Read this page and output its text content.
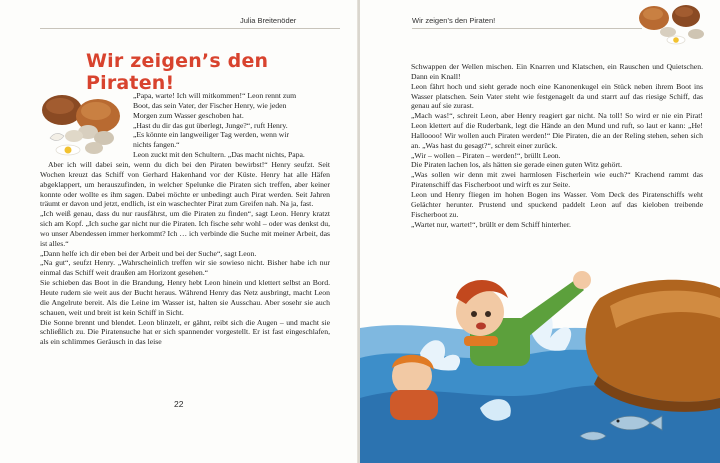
Julia Breitenöder
Wir zeigen’s den Piraten!

„Papa, warte! Ich will mitkommen!“ Leon rennt zum

Boot, das sein Vater, der Fischer Henry, wie jeden

Morgen zum Wasser geschoben hat.

„Hast du dir das gut überlegt, Junge?“, ruft Henry.

„Es könnte ein langweiliger Tag werden, wenn wir

nichts fangen.“

Leon zuckt mit den Schultern. „Das macht nichts, Papa.

Aber ich will dabei sein, wenn du dich bei den Piraten bewirbst!“ Henry seufzt. Seit Wochen kreuzt das Schiff von Gerhard Hakenhand vor der Küste. Henry hat alle Häfen abgeklappert, um herauszufinden, in welcher Spelunke die Piraten sich treffen, aber keiner konnte oder wollte es ihm sagen. Dabei möchte er unbedingt auch Pirat werden. Seit Jahren träumt er davon und jetzt, endlich, ist ein waschechter Pirat zum Greifen nah. Na ja, fast.

„Ich weiß genau, dass du nur rausfährst, um die Piraten zu finden“, sagt Leon. Henry kratzt sich am Kopf. „Ich suche gar nicht nur die Piraten. Ich fische sehr wohl – oder was denkst du, wo unser Abendessen immer herkommt? Ich … ich verbinde die Suche mit meiner Arbeit, das ist alles.“

„Dann helfe ich dir eben bei der Arbeit und bei der Suche“, sagt Leon.

„Na gut“, seufzt Henry. „Wahrscheinlich treffen wir sie sowieso nicht. Bisher habe ich nur einmal das Schiff weit draußen am Horizont gesehen.“

Sie schieben das Boot in die Brandung, Henry hebt Leon hinein und klettert selbst an Bord. Heute rudern sie weit aus der Bucht heraus. Während Henry das Netz ausbringt, macht Leon die Angelrute bereit. Als die Leine im Wasser ist, halten sie Ausschau. Aber sosehr sie auch schauen, weit und breit ist kein Schiff in Sicht.

Die Sonne brennt und blendet. Leon blinzelt, er gähnt, reibt sich die Augen – und macht sie schließlich zu. Die Piratensuche hat er sich spannender vorgestellt. Er ist fast eingeschlafen, als ein schlimmes Geräusch in das leise

22
Wir zeigen’s den Piraten!

Schwappen der Wellen mischen. Ein Knarren und Klatschen, ein Rauschen und Quietschen. Dann ein Knall!

Leon fährt hoch und sieht gerade noch eine Kanonenkugel ein Stück neben ihrem Boot ins Wasser platschen. Sein Vater steht wie festgenagelt da und starrt auf das riesige Schiff, das genau auf sie zurast.

„Mach was!“, schreit Leon, aber Henry reagiert gar nicht. Na toll! So wird er nie ein Pirat! Leon klettert auf die Ruderbank, legt die Hände an den Mund und ruft, so laut er kann: „He! Halloooo! Wir wollen auch Piraten werden!“ Die Piraten, die an der Reling stehen, sehen sich an. „Was hast du gesagt?“, schreit einer zurück.

„Wir – wollen – Piraten – werden!“, brüllt Leon.

Die Piraten lachen los, als hätten sie gerade einen guten Witz gehört.

„Was sollen wir denn mit zwei harmlosen Fischerlein wie euch?“ Krachend rammt das Piratenschiff das Fischerboot und wirft es zur Seite.

Leon und Henry fliegen im hohen Bogen ins Wasser. Vom Deck des Piratenschiffs weht Gelächter herunter. Prustend und spuckend paddelt Leon auf das kieloben treibende Fischerboot zu.

„Wartet nur, wartet!“, brüllt er dem Schiff hinterher.
